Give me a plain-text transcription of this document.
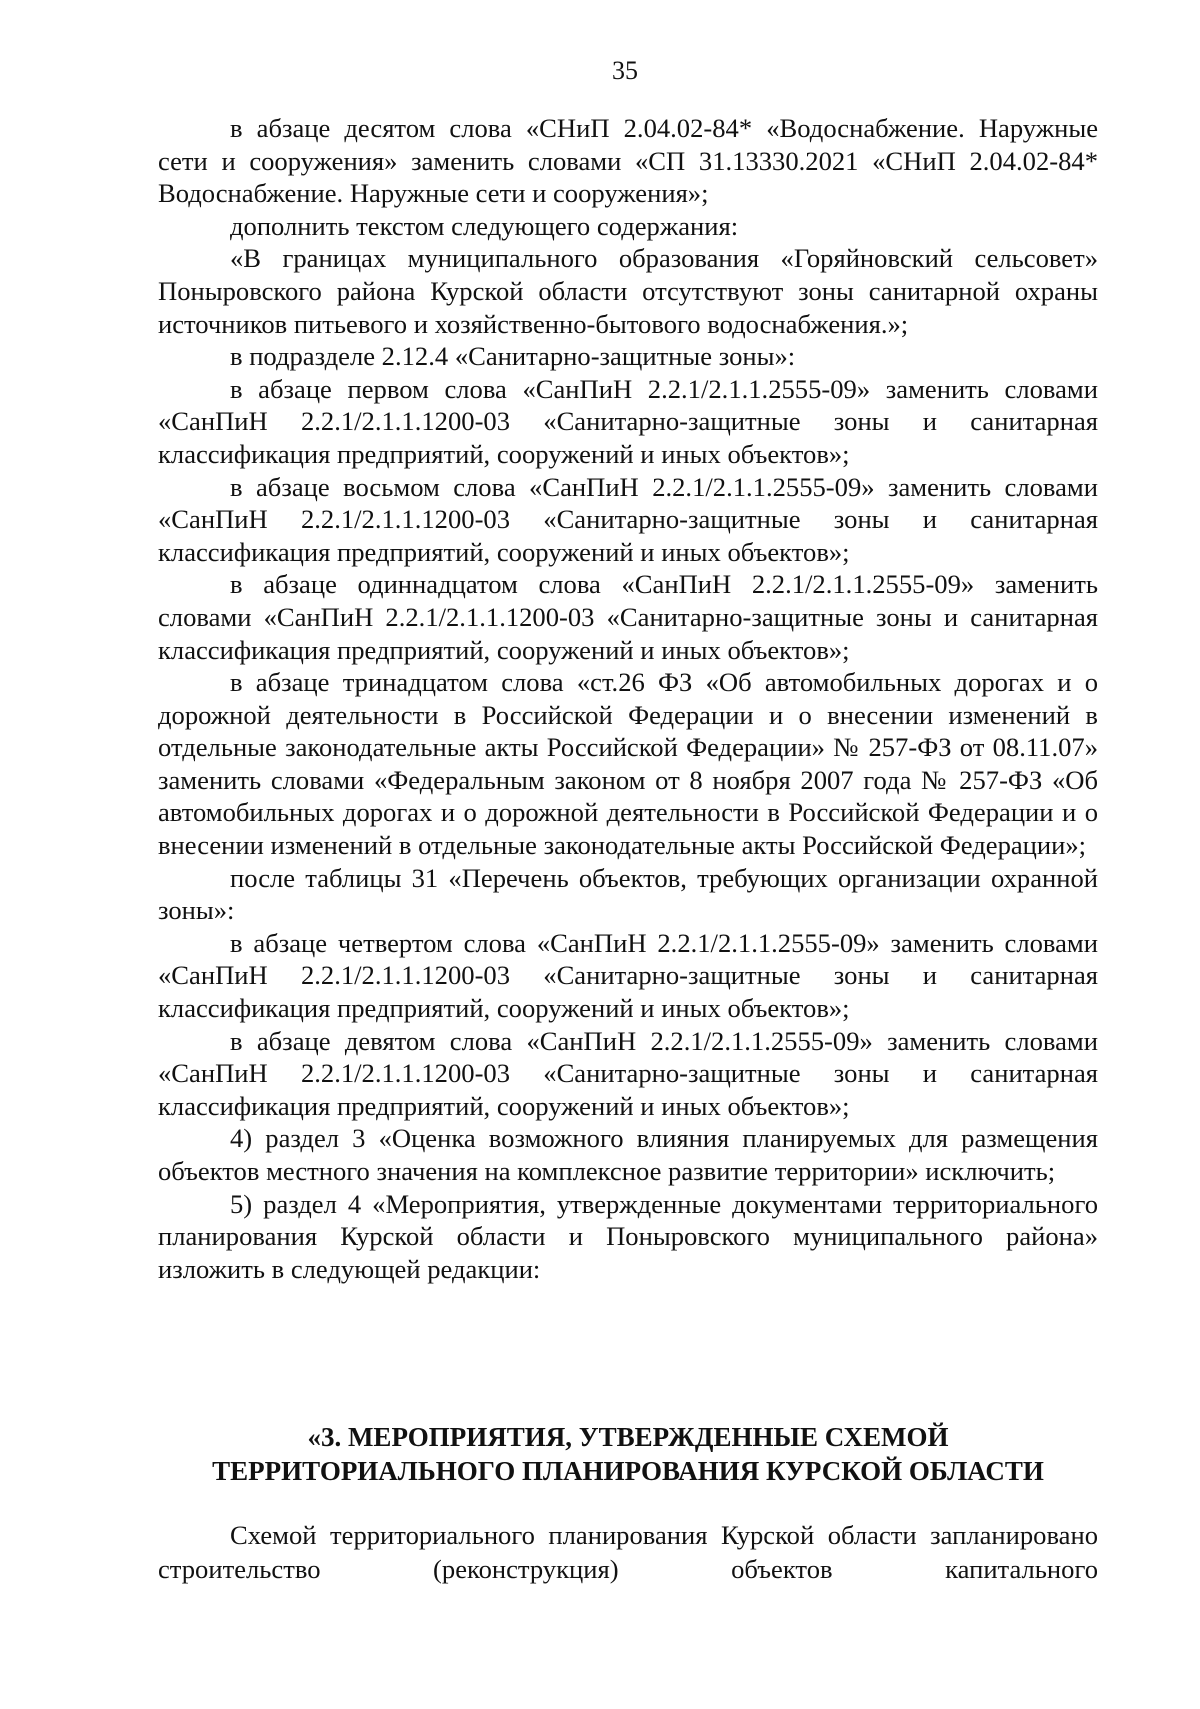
35

в абзаце десятом слова «СНиП 2.04.02-84* «Водоснабжение. Наружные сети и сооружения» заменить словами «СП 31.13330.2021 «СНиП 2.04.02-84* Водоснабжение. Наружные сети и сооружения»;

дополнить текстом следующего содержания:

«В границах муниципального образования «Горяйновский сельсовет» Поныровского района Курской области отсутствуют зоны санитарной охраны источников питьевого и хозяйственно-бытового водоснабжения.»;

в подразделе 2.12.4 «Санитарно-защитные зоны»:

в абзаце первом слова «СанПиН 2.2.1/2.1.1.2555-09» заменить словами «СанПиН 2.2.1/2.1.1.1200-03 «Санитарно-защитные зоны и санитарная классификация предприятий, сооружений и иных объектов»;

в абзаце восьмом слова «СанПиН 2.2.1/2.1.1.2555-09» заменить словами «СанПиН 2.2.1/2.1.1.1200-03 «Санитарно-защитные зоны и санитарная классификация предприятий, сооружений и иных объектов»;

в абзаце одиннадцатом слова «СанПиН 2.2.1/2.1.1.2555-09» заменить словами «СанПиН 2.2.1/2.1.1.1200-03 «Санитарно-защитные зоны и санитарная классификация предприятий, сооружений и иных объектов»;

в абзаце тринадцатом слова «ст.26 ФЗ «Об автомобильных дорогах и о дорожной деятельности в Российской Федерации и о внесении изменений в отдельные законодательные акты Российской Федерации» № 257-ФЗ от 08.11.07» заменить словами «Федеральным законом от 8 ноября 2007 года № 257-ФЗ «Об автомобильных дорогах и о дорожной деятельности в Российской Федерации и о внесении изменений в отдельные законодательные акты Российской Федерации»;

после таблицы 31 «Перечень объектов, требующих организации охранной зоны»:

в абзаце четвертом слова «СанПиН 2.2.1/2.1.1.2555-09» заменить словами «СанПиН 2.2.1/2.1.1.1200-03 «Санитарно-защитные зоны и санитарная классификация предприятий, сооружений и иных объектов»;

в абзаце девятом слова «СанПиН 2.2.1/2.1.1.2555-09» заменить словами «СанПиН 2.2.1/2.1.1.1200-03 «Санитарно-защитные зоны и санитарная классификация предприятий, сооружений и иных объектов»;

4) раздел 3 «Оценка возможного влияния планируемых для размещения объектов местного значения на комплексное развитие территории» исключить;

5) раздел 4 «Мероприятия, утвержденные документами территориального планирования Курской области и Поныровского муниципального района» изложить в следующей редакции:

«3. МЕРОПРИЯТИЯ, УТВЕРЖДЕННЫЕ СХЕМОЙ
ТЕРРИТОРИАЛЬНОГО ПЛАНИРОВАНИЯ КУРСКОЙ ОБЛАСТИ

Схемой территориального планирования Курской области запланировано строительство (реконструкция) объектов капитального
